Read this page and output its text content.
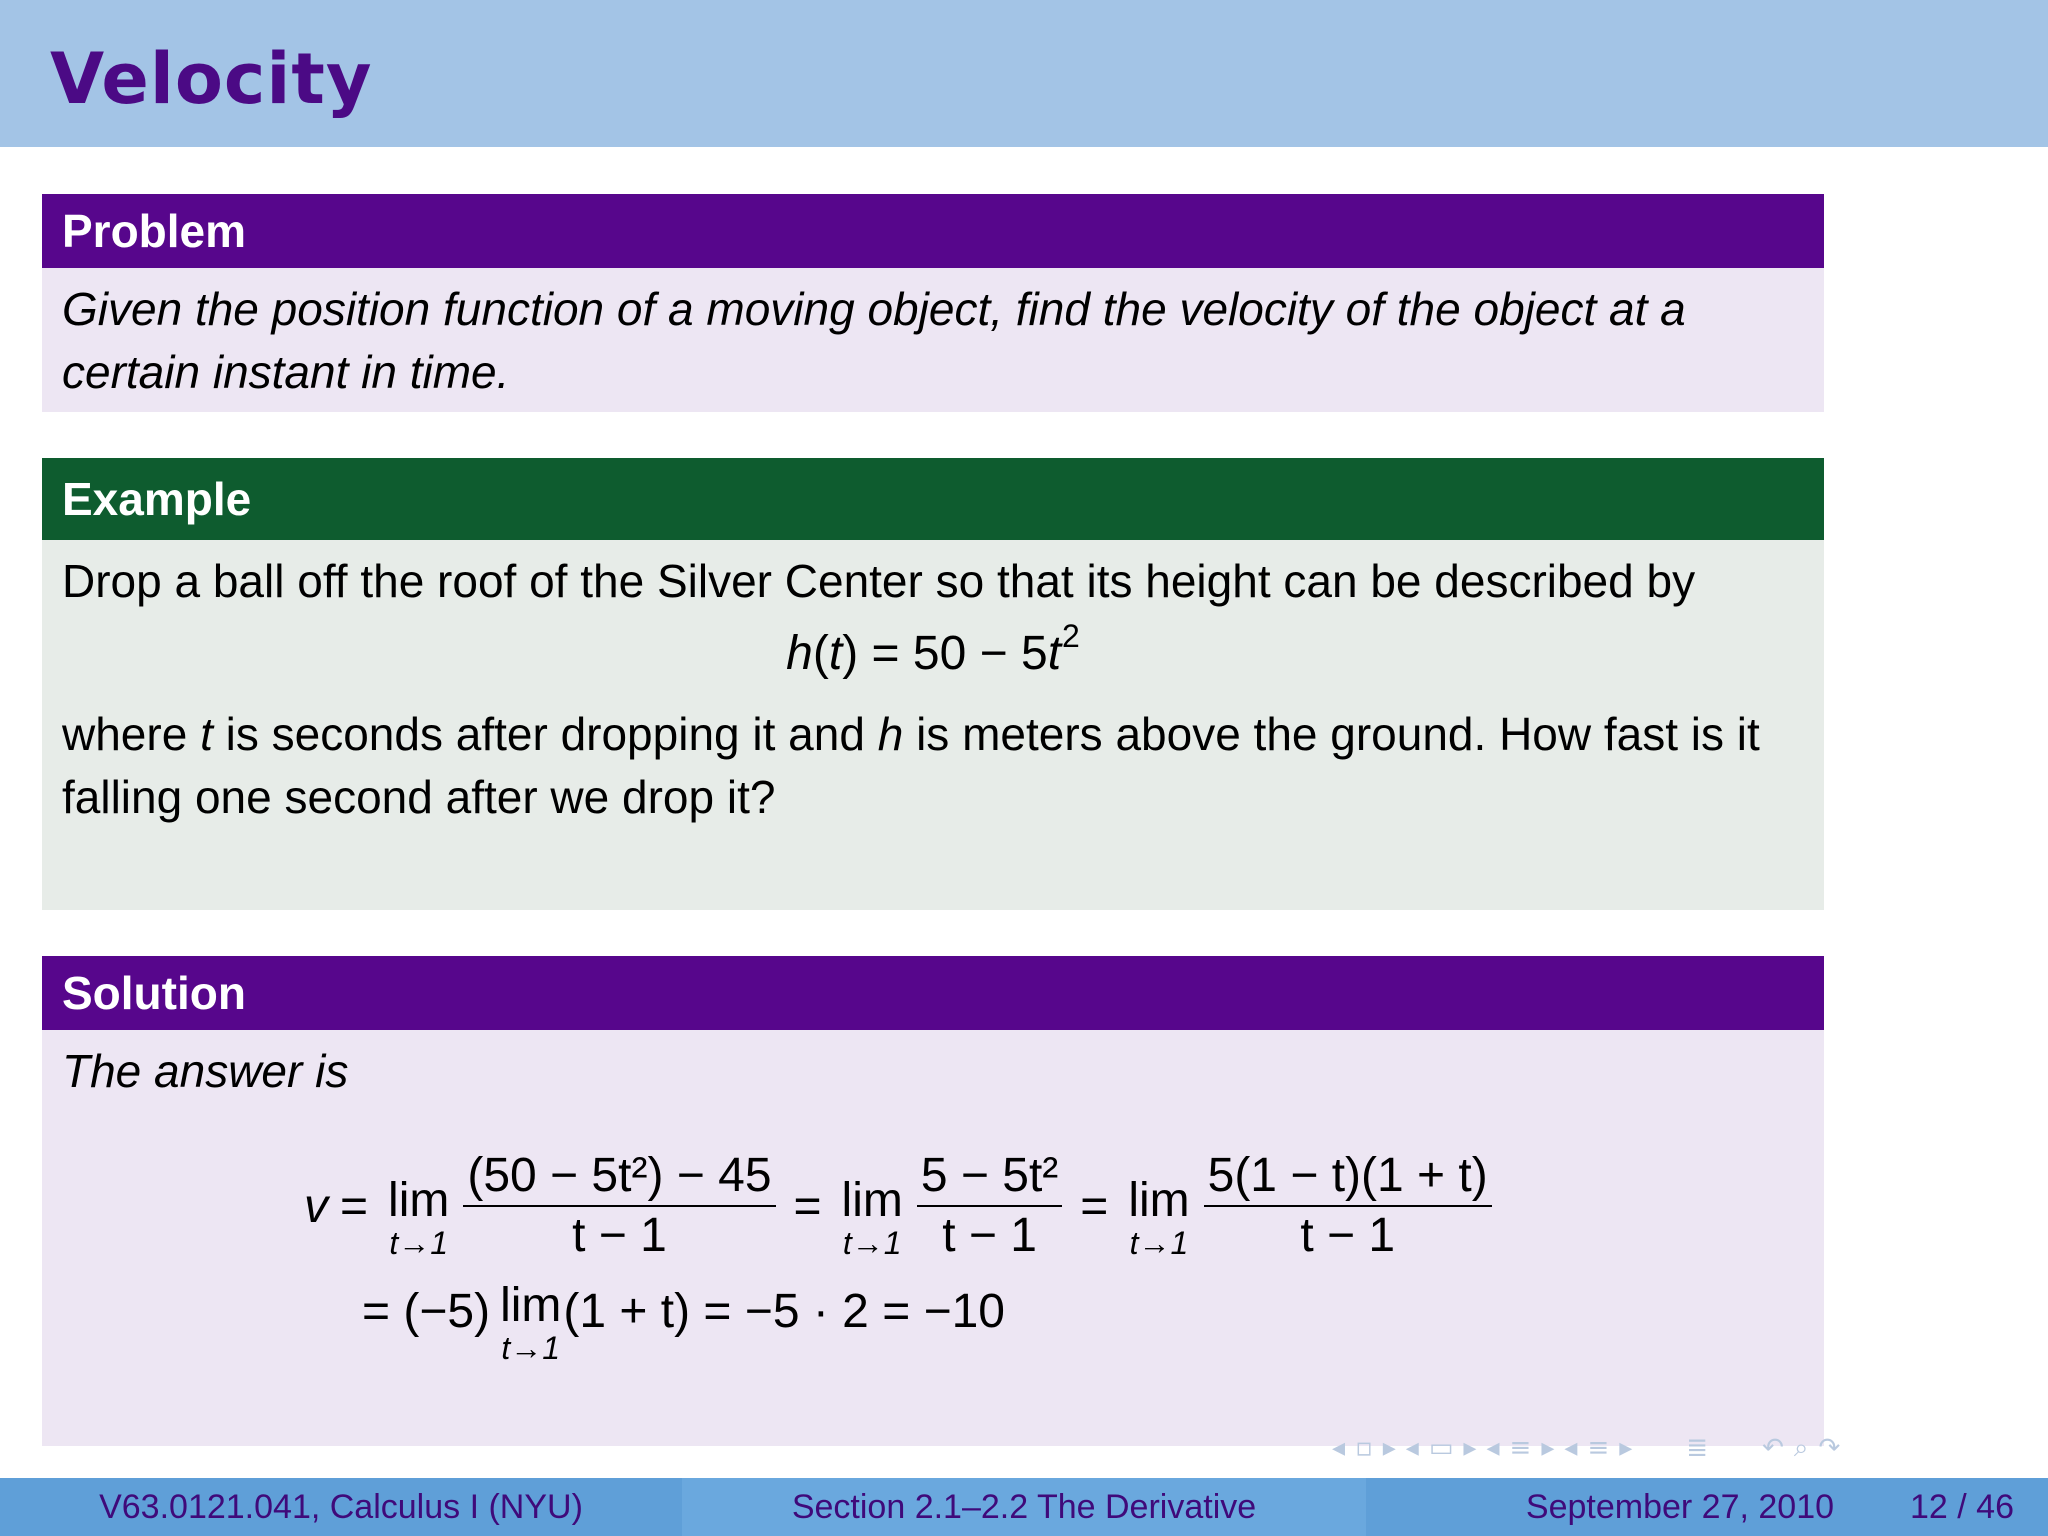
Velocity
Problem
Given the position function of a moving object, find the velocity of the object at a certain instant in time.
Example
Drop a ball off the roof of the Silver Center so that its height can be described by
$h(t) = 50 - 5t^2$
where t is seconds after dropping it and h is meters above the ground. How fast is it falling one second after we drop it?
Solution
The answer is
v = lim
$t\to 1 \frac{\text{(50 − 5t²) − 45}}{t - 1} = \lim$
$t\to 1 \frac{\text{5 − 5t²}}{t - 1} = \lim$
$t\to 1 \frac{5(1 - t)(1 + t)}{t - 1}$
= (−5) lim
t→1
(1 + t) = −5 · 2 = −10
◂ ▫ ▸ ◂ ▭ ▸ ◂ ≡ ▸ ◂ ≡ ▸ ≣ ↶ ⌕ ↷
V63.0121.041, Calculus I (NYU)	Section 2.1–2.2 The Derivative	September 27, 2010 12 / 46
